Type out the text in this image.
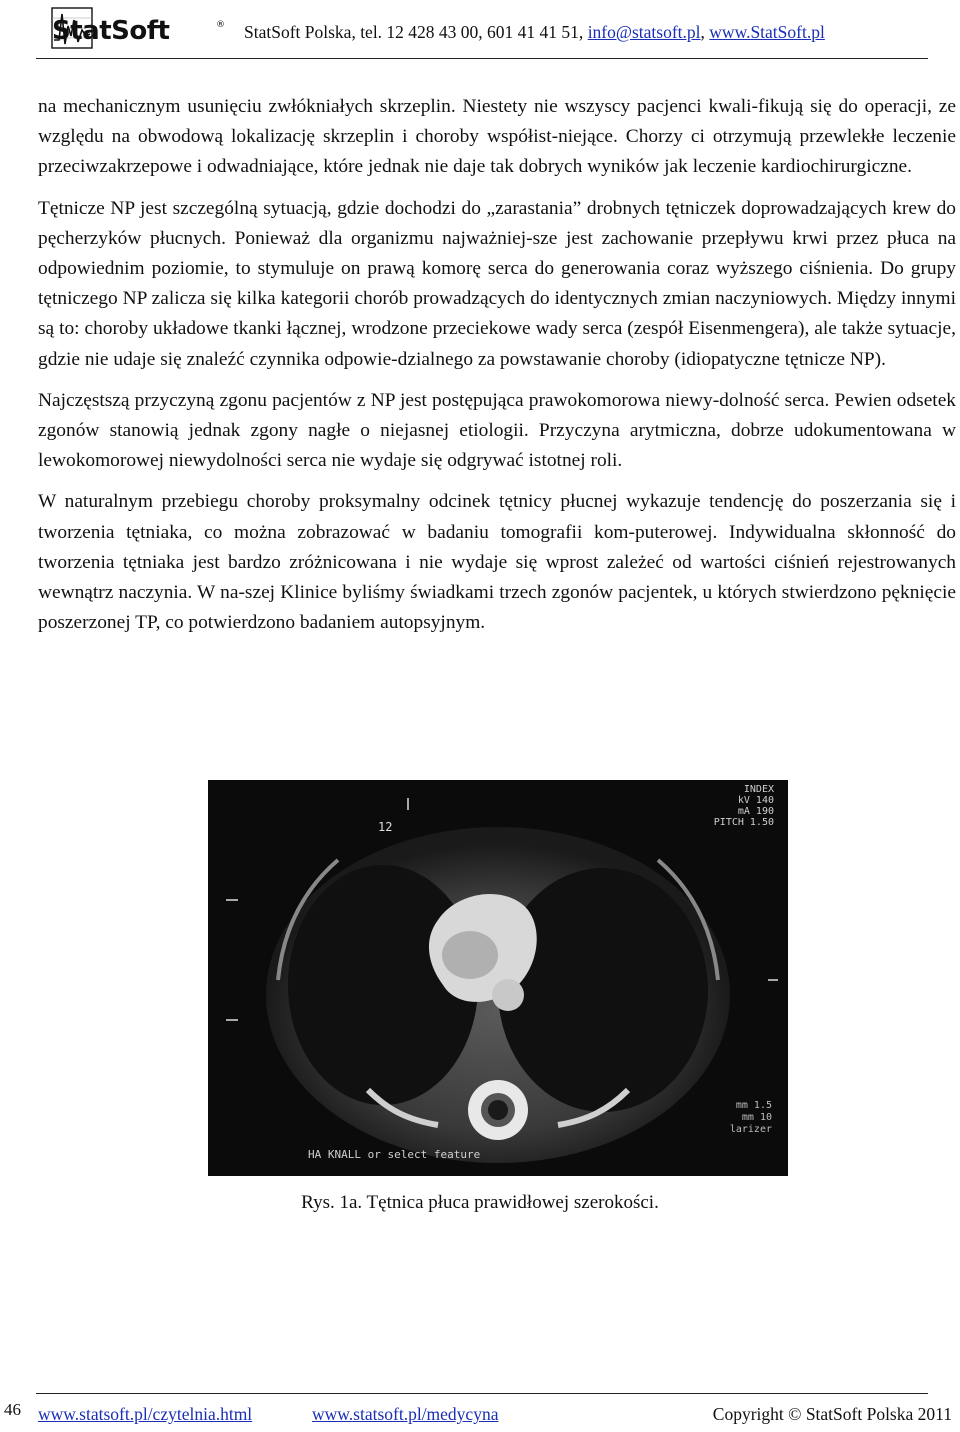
StatSoft	® StatSoft Polska, tel. 12 428 43 00, 601 41 41 51, info@statsoft.pl, www.StatSoft.pl

na mechanicznym usunięciu zwłókniałych skrzeplin. Niestety nie wszyscy pacjenci kwali-fikują się do operacji, ze względu na obwodową lokalizację skrzeplin i choroby współist-niejące. Chorzy ci otrzymują przewlekłe leczenie przeciwzakrzepowe i odwadniające, które jednak nie daje tak dobrych wyników jak leczenie kardiochirurgiczne.

Tętnicze NP jest szczególną sytuacją, gdzie dochodzi do „zarastania” drobnych tętniczek doprowadzających krew do pęcherzyków płucnych. Ponieważ dla organizmu najważniej-sze jest zachowanie przepływu krwi przez płuca na odpowiednim poziomie, to stymuluje on prawą komorę serca do generowania coraz wyższego ciśnienia. Do grupy tętniczego NP zalicza się kilka kategorii chorób prowadzących do identycznych zmian naczyniowych. Między innymi są to: choroby układowe tkanki łącznej, wrodzone przeciekowe wady serca (zespół Eisenmengera), ale także sytuacje, gdzie nie udaje się znaleźć czynnika odpowie-dzialnego za powstawanie choroby (idiopatyczne tętnicze NP).

Najczęstszą przyczyną zgonu pacjentów z NP jest postępująca prawokomorowa niewy-dolność serca. Pewien odsetek zgonów stanowią jednak zgony nagłe o niejasnej etiologii. Przyczyna arytmiczna, dobrze udokumentowana w lewokomorowej niewydolności serca nie wydaje się odgrywać istotnej roli.

W naturalnym przebiegu choroby proksymalny odcinek tętnicy płucnej wykazuje tendencję do poszerzania się i tworzenia tętniaka, co można zobrazować w badaniu tomografii kom-puterowej. Indywidualna skłonność do tworzenia tętniaka jest bardzo zróżnicowana i nie wydaje się wprost zależeć od wartości ciśnień rejestrowanych wewnątrz naczynia. W na-szej Klinice byliśmy świadkami trzech zgonów pacjentek, u których stwierdzono pęknięcie poszerzonej TP, co potwierdzono badaniem autopsyjnym.

12
INDEX
kV 140
mA 190
PITCH 1.50
mm 1.5
mm 10
larizer
HA KNALL or select feature
Rys. 1a. Tętnica płuca prawidłowej szerokości.
46 www.statsoft.pl/czytelnia.html	www.statsoft.pl/medycyna	Copyright © StatSoft Polska 2011
